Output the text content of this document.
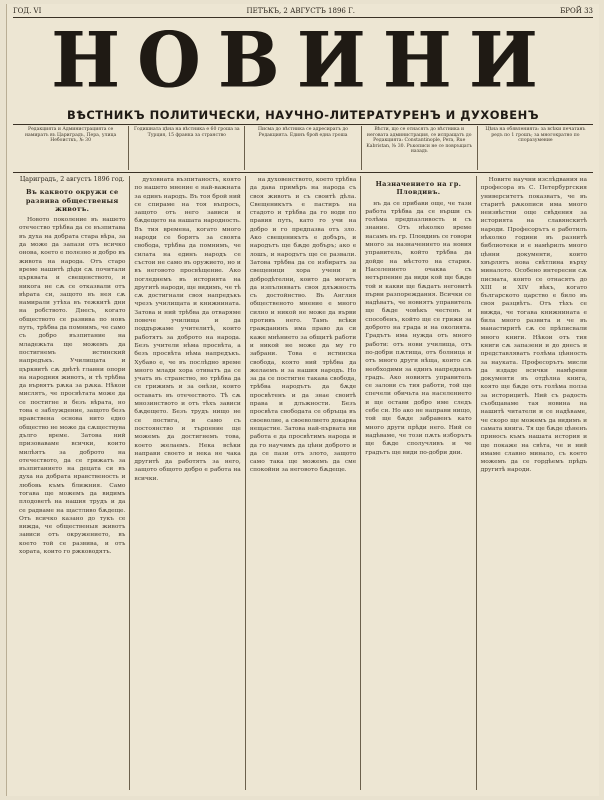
ГОД. VI	ПЕТЪКЪ, 2 АВГУСТЪ 1896 Г.	БРОЙ 33
НОВИНИ
ВѢСТНИКЪ ПОЛИТИЧЕСКИ, НАУЧНО-ЛИТЕРАТУРЕНЪ И ДУХОВЕНЪ
Редакцията и Администрацията се намиратъ въ Цариградъ, Пера, улица Небоисткъ, № 30
Годишната цѣна на вѣстника е 60 гроша за Турция, 15 франка за странство
Писма до вѣстника се адресиратъ до Редакцията. Единъ брой една гроша
Вѣсти, що се отнасятъ до вѣстника и неговата администрация, се испращатъ до Редакцията: Constantinople, Pera, Rue Kabristan, № 30. Ръкописи не се повръщатъ назадъ
Цѣна на обявленията: за всѣки печатанъ редъ по 1 грошъ; за многократно по споразумение
Цариградъ, 2 августъ 1896 год.
Въ каквото окружи се развива общественыя животъ.

Новото поколение въ нашето отечество трѣбва да се възпитава въ духа на добрата стара вѣра, за да може да запази отъ всичко онова, което е полезно и добро въ живота на народа. Отъ старо време нашитѣ дѣди сѫ почитали църквата и свещенството, и никога не сѫ се отказвали отъ вѣрата си, защото въ нея сѫ намирали утѣха въ тежкитѣ дни на робството. Днесъ, когато обществото се развива по новъ путь, трѣбва да помнимъ, че само съ добро възпитание на младежьта ще можемъ да постигнемъ истинский напредъкъ. Училищата и църквитѣ сѫ двѣтѣ главни опори на народния животъ, и тѣ трѣбва да вървятъ рѫка за рѫка. Нѣкои мислятъ, че просвѣтата може да се постигне и безъ вѣрата, но това е заблуждение, защото безъ нравствена основа нито едно общество не може да сѫществува дълго време. Затова ний призоваваме всички, които милѣятъ за доброто на отечеството, да се грижатъ за възпитанието на децата си въ духа на добрата нравственость и любовь къмъ ближния. Само тогава ще можемъ да видимъ плодоветѣ на нашия трудъ и да се радваме на щастливо бѫдеще. Отъ всичко казано до тукъ се вижда, че общественыя животъ зависи отъ окружението, въ което той се развива, и отъ хората, които го ржководятъ.

духовната възпитаность, която по нашето мнение е най-важната за единъ народъ. Въ тоя брой ний се спираме на тоя въпросъ, защото отъ него зависи и бѫдещето на нашата народность. Въ тия времена, когато много народи се борятъ за своята свобода, трѣбва да помнимъ, че силата на единъ народъ се състои не само въ оружието, но и въ неговото просвѣщение. Ако погледнемъ въ историята на другитѣ народи, ще видимъ, че тѣ сѫ достигнали своя напредъкъ чрезъ училищата и книжнината. Затова и ний трѣбва да отваряме повече училища и да поддържаме учителитѣ, които работятъ за доброто на народа. Безъ учители нѣма просвѣта, а безъ просвѣта нѣма напредъкъ. Хубаво е, че въ послѣдно време много млади хора отиватъ да се учатъ въ странство, но трѣбва да се грижимъ и за онѣзи, които оставатъ въ отечеството. Тѣ сѫ мнозинството и отъ тѣхъ зависи бѫдещето. Безъ трудъ нищо не се постига, и само съ постоянство и търпение ще можемъ да достигнемъ това, което желаемъ. Нека всѣки направи своето и нека не чака другитѣ да работятъ за него, защото общото добро е работа на всички.

на духовенството, което трѣбва да дава примѣръ на народа съ своя животъ и съ своитѣ дѣла. Свещеникътъ е пастиръ на стадото и трѣбва да го води по правия путь, като го учи на добро и го предпазва отъ зло. Ако свещеникътъ е добъръ, и народътъ ще бѫде добъръ; ако е лошъ, и народътъ ще се развали. Затова трѣбва да се избиратъ за свещеници хора учени и добродѣтелни, които да могатъ да изпълняватъ своя длъжность съ достойнство. Въ Англия общественото мнение е много силно и никой не може да върви противъ него. Тамъ всѣки гражданинъ има право да си каже мнѣнието за общитѣ работи и никой не може да му го забрани. Това е истинска свобода, която ний трѣбва да желаемъ и за нашия народъ. Но за да се постигне такава свобода, трѣбва народътъ да бѫде просвѣтенъ и да знае своитѣ права и длъжности. Безъ просвѣта свободата се обръща въ своеволие, а своеволието докарва нещастие. Затова най-първата ни работа е да просвѣтимъ народа и да го научимъ да цѣни доброто и да се пази отъ злото, защото само така ще можемъ да сме спокойни за неговото бѫдеще.

Назначението на гр. Пловдивъ.

нъ да се прибави още, че тази работа трѣбва да се върши съ голѣма предпазливость и съ знание. Отъ нѣколко време насамъ въ гр. Пловдивъ се говори много за назначението на новия управитель, който трѣбва да дойде на мѣстото на стария. Населението очаква съ нетърпение да види кой ще бѫде той и какви ще бѫдатъ неговитѣ първи разпореждания. Всички се надѣватъ, че новиятъ управитель ще бѫде човѣкъ честенъ и способенъ, който ще се грижи за доброто на града и на околията. Градътъ има нужда отъ много работи: отъ нови училища, отъ по-добри пѫтища, отъ болница и отъ много други нѣща, които сѫ необходими за единъ напредналъ градъ. Ако новиятъ управитель се залови съ тия работи, той ще спечели обичьта на населението и ще остави добро име следъ себе си. Но ако не направи нищо, той ще бѫде забравенъ като много други прѣди него. Ний се надѣваме, че този пѫть изборътъ ще бѫде сполучливъ и че градътъ ще види по-добри дни.

Новите научни изслѣдвания на професора въ С. Петербургския университетъ показватъ, че въ старитѣ рѫкописи има много неизвѣстни още свѣдения за историята на славянскитѣ народи. Професорътъ е работилъ нѣколко години въ разнитѣ библиотеки и е намѣрилъ много цѣнни документи, които хвърлятъ нова свѣтлина върху миналото. Особено интересни сѫ писмата, които се отнасятъ до XIII и XIV вѣкъ, когато българското царство е било въ своя разцвѣтъ. Отъ тѣхъ се вижда, че тогава книжнината е била много развита и че въ манастиритѣ сѫ се прѣписвали много книги. Нѣкои отъ тия книги сѫ запазени и до днесъ и представляватъ голѣма цѣнность за науката. Професорътъ мисли да издаде всички намѣрени документи въ отдѣлна книга, която ще бѫде отъ голѣма полза за историцитѣ. Ний съ радость съобщаваме тая новина на нашитѣ читатели и се надѣваме, че скоро ще можемъ да видимъ и самата книга. Тя ще бѫде цѣненъ приносъ къмъ нашата история и ще покаже на свѣта, че и ний имаме славно минало, съ което можемъ да се гордѣемъ прѣдъ другитѣ народи.
